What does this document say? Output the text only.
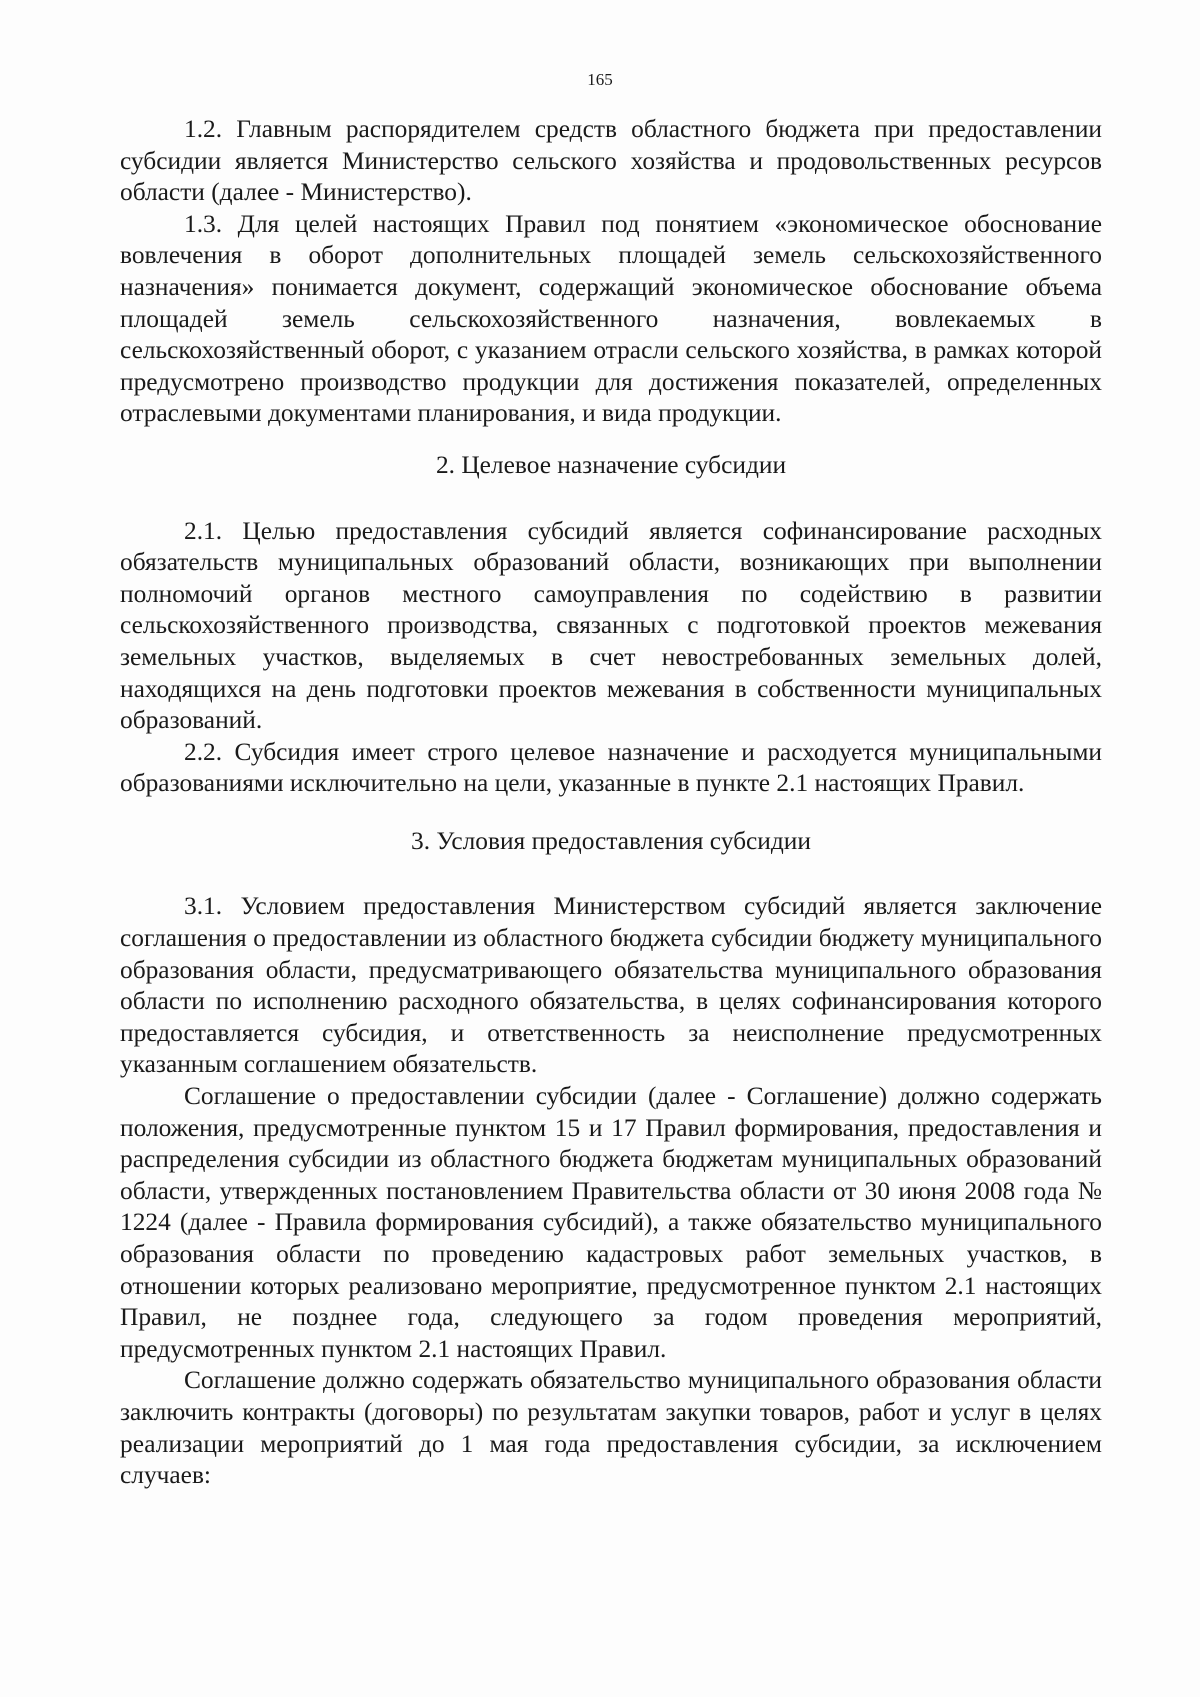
165

1.2. Главным распорядителем средств областного бюджета при предоставлении субсидии является Министерство сельского хозяйства и продовольственных ресурсов области (далее - Министерство).

1.3. Для целей настоящих Правил под понятием «экономическое обоснование вовлечения в оборот дополнительных площадей земель сельскохозяйственного назначения» понимается документ, содержащий экономическое обоснование объема площадей земель сельскохозяйственного назначения, вовлекаемых в сельскохозяйственный оборот, с указанием отрасли сельского хозяйства, в рамках которой предусмотрено производство продукции для достижения показателей, определенных отраслевыми документами планирования, и вида продукции.

2. Целевое назначение субсидии

2.1. Целью предоставления субсидий является софинансирование расходных обязательств муниципальных образований области, возникающих при выполнении полномочий органов местного самоуправления по содействию в развитии сельскохозяйственного производства, связанных с подготовкой проектов межевания земельных участков, выделяемых в счет невостребованных земельных долей, находящихся на день подготовки проектов межевания в собственности муниципальных образований.

2.2. Субсидия имеет строго целевое назначение и расходуется муниципальными образованиями исключительно на цели, указанные в пункте 2.1 настоящих Правил.

3. Условия предоставления субсидии

3.1. Условием предоставления Министерством субсидий является заключение соглашения о предоставлении из областного бюджета субсидии бюджету муниципального образования области, предусматривающего обязательства муниципального образования области по исполнению расходного обязательства, в целях софинансирования которого предоставляется субсидия, и ответственность за неисполнение предусмотренных указанным соглашением обязательств.

Соглашение о предоставлении субсидии (далее - Соглашение) должно содержать положения, предусмотренные пунктом 15 и 17 Правил формирования, предоставления и распределения субсидии из областного бюджета бюджетам муниципальных образований области, утвержденных постановлением Правительства области от 30 июня 2008 года № 1224 (далее - Правила формирования субсидий), а также обязательство муниципального образования области по проведению кадастровых работ земельных участков, в отношении которых реализовано мероприятие, предусмотренное пунктом 2.1 настоящих Правил, не позднее года, следующего за годом проведения мероприятий, предусмотренных пунктом 2.1 настоящих Правил.

Соглашение должно содержать обязательство муниципального образования области заключить контракты (договоры) по результатам закупки товаров, работ и услуг в целях реализации мероприятий до 1 мая года предоставления субсидии, за исключением случаев:
